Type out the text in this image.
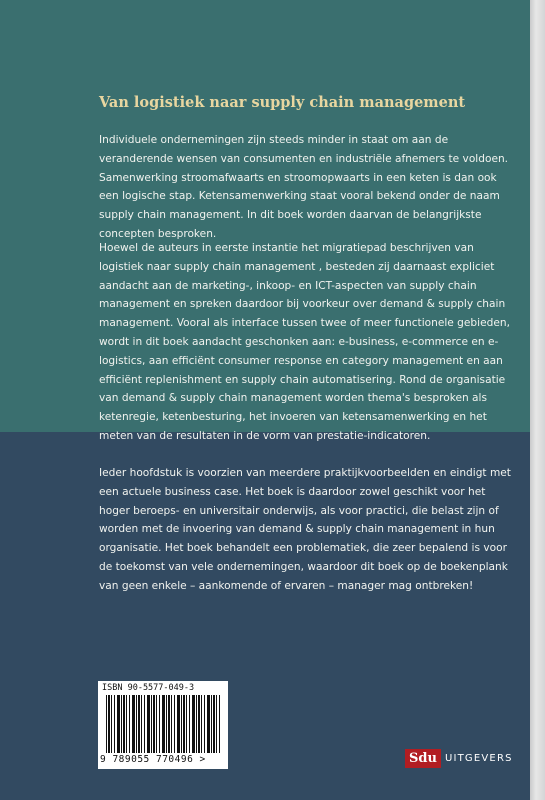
Van logistiek naar supply chain management

Individuele ondernemingen zijn steeds minder in staat om aan de veranderende wensen van consumenten en industriële afnemers te voldoen. Samenwerking stroomafwaarts en stroomopwaarts in een keten is dan ook een logische stap. Ketensamenwerking staat vooral bekend onder de naam supply chain management. In dit boek worden daarvan de belangrijkste concepten besproken.

Hoewel de auteurs in eerste instantie het migratiepad beschrijven van logistiek naar supply chain management , besteden zij daarnaast expliciet aandacht aan de marketing-, inkoop- en ICT-aspecten van supply chain management en spreken daardoor bij voorkeur over demand & supply chain management. Vooral als interface tussen twee of meer functionele gebieden, wordt in dit boek aandacht geschonken aan: e-business, e-commerce en e-logistics, aan efficiënt consumer response en category management en aan efficiënt replenishment en supply chain automatisering. Rond de organisatie van demand & supply chain management worden thema's besproken als ketenregie, ketenbesturing, het invoeren van ketensamenwerking en het meten van de resultaten in de vorm van prestatie-indicatoren.

Ieder hoofdstuk is voorzien van meerdere praktijkvoorbeelden en eindigt met een actuele business case. Het boek is daardoor zowel geschikt voor het hoger beroeps- en universitair onderwijs, als voor practici, die belast zijn of worden met de invoering van demand & supply chain management in hun organisatie. Het boek behandelt een problematiek, die zeer bepalend is voor de toekomst van vele ondernemingen, waardoor dit boek op de boekenplank van geen enkele – aankomende of ervaren – manager mag ontbreken!

ISBN 90-5577-049-3
9 789055 770496 >	Sdu UITGEVERS
